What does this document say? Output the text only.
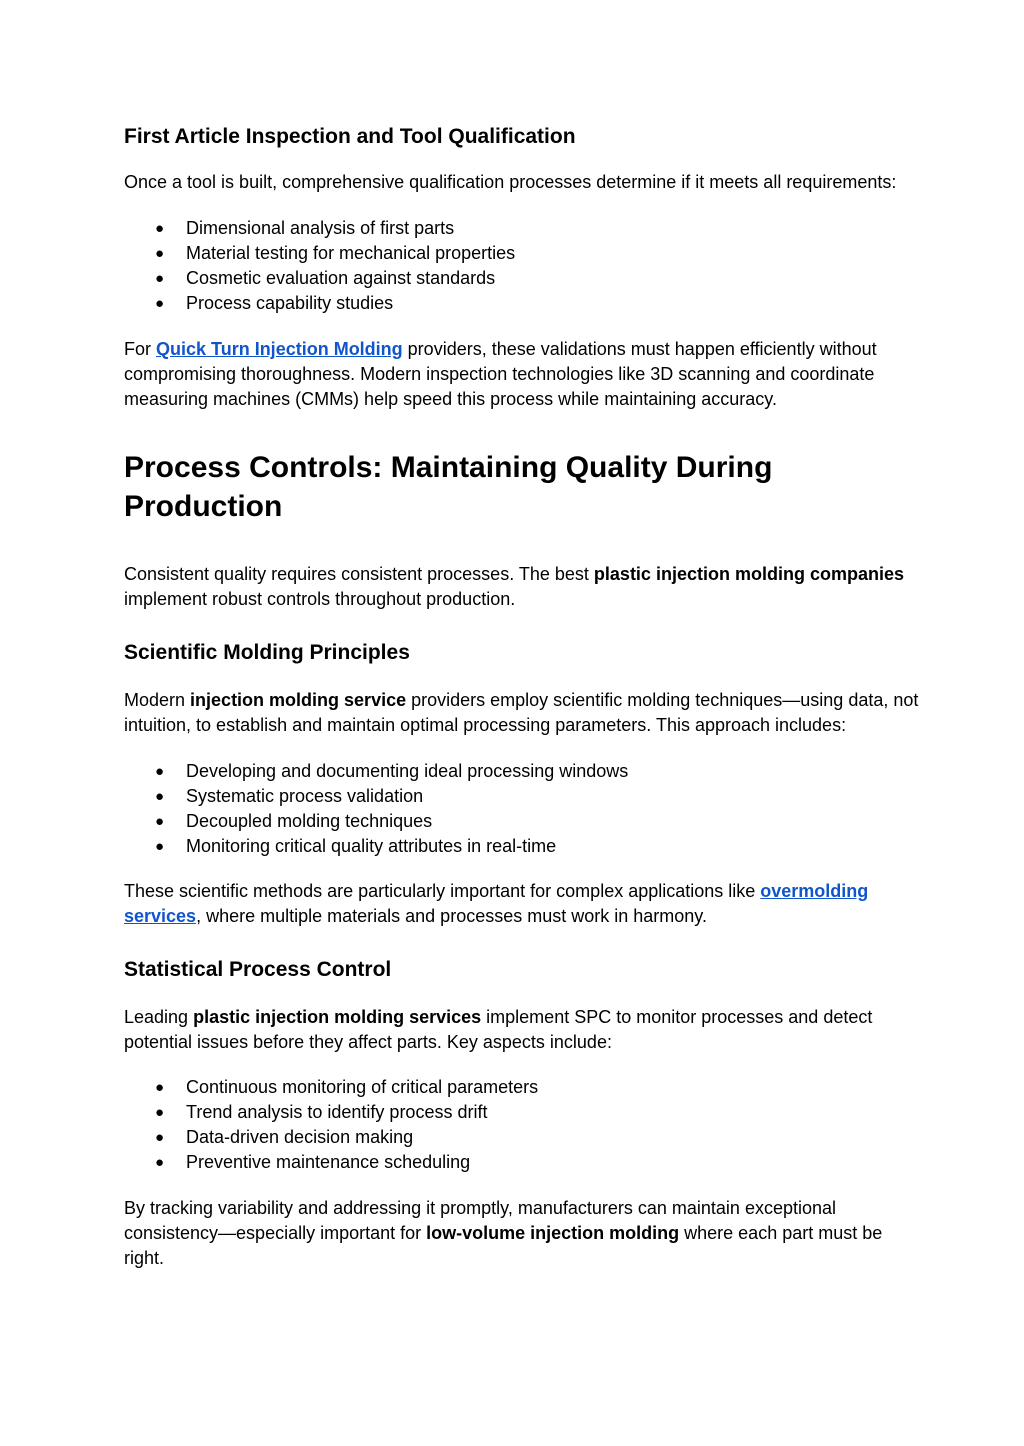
First Article Inspection and Tool Qualification

Once a tool is built, comprehensive qualification processes determine if it meets all requirements:

● Dimensional analysis of first parts
● Material testing for mechanical properties
● Cosmetic evaluation against standards
● Process capability studies

For Quick Turn Injection Molding providers, these validations must happen efficiently without compromising thoroughness. Modern inspection technologies like 3D scanning and coordinate measuring machines (CMMs) help speed this process while maintaining accuracy.

Process Controls: Maintaining Quality During Production

Consistent quality requires consistent processes. The best plastic injection molding companies implement robust controls throughout production.

Scientific Molding Principles

Modern injection molding service providers employ scientific molding techniques—using data, not intuition, to establish and maintain optimal processing parameters. This approach includes:

● Developing and documenting ideal processing windows
● Systematic process validation
● Decoupled molding techniques
● Monitoring critical quality attributes in real-time

These scientific methods are particularly important for complex applications like overmolding services, where multiple materials and processes must work in harmony.

Statistical Process Control

Leading plastic injection molding services implement SPC to monitor processes and detect potential issues before they affect parts. Key aspects include:

● Continuous monitoring of critical parameters
● Trend analysis to identify process drift
● Data-driven decision making
● Preventive maintenance scheduling

By tracking variability and addressing it promptly, manufacturers can maintain exceptional consistency—especially important for low-volume injection molding where each part must be right.
